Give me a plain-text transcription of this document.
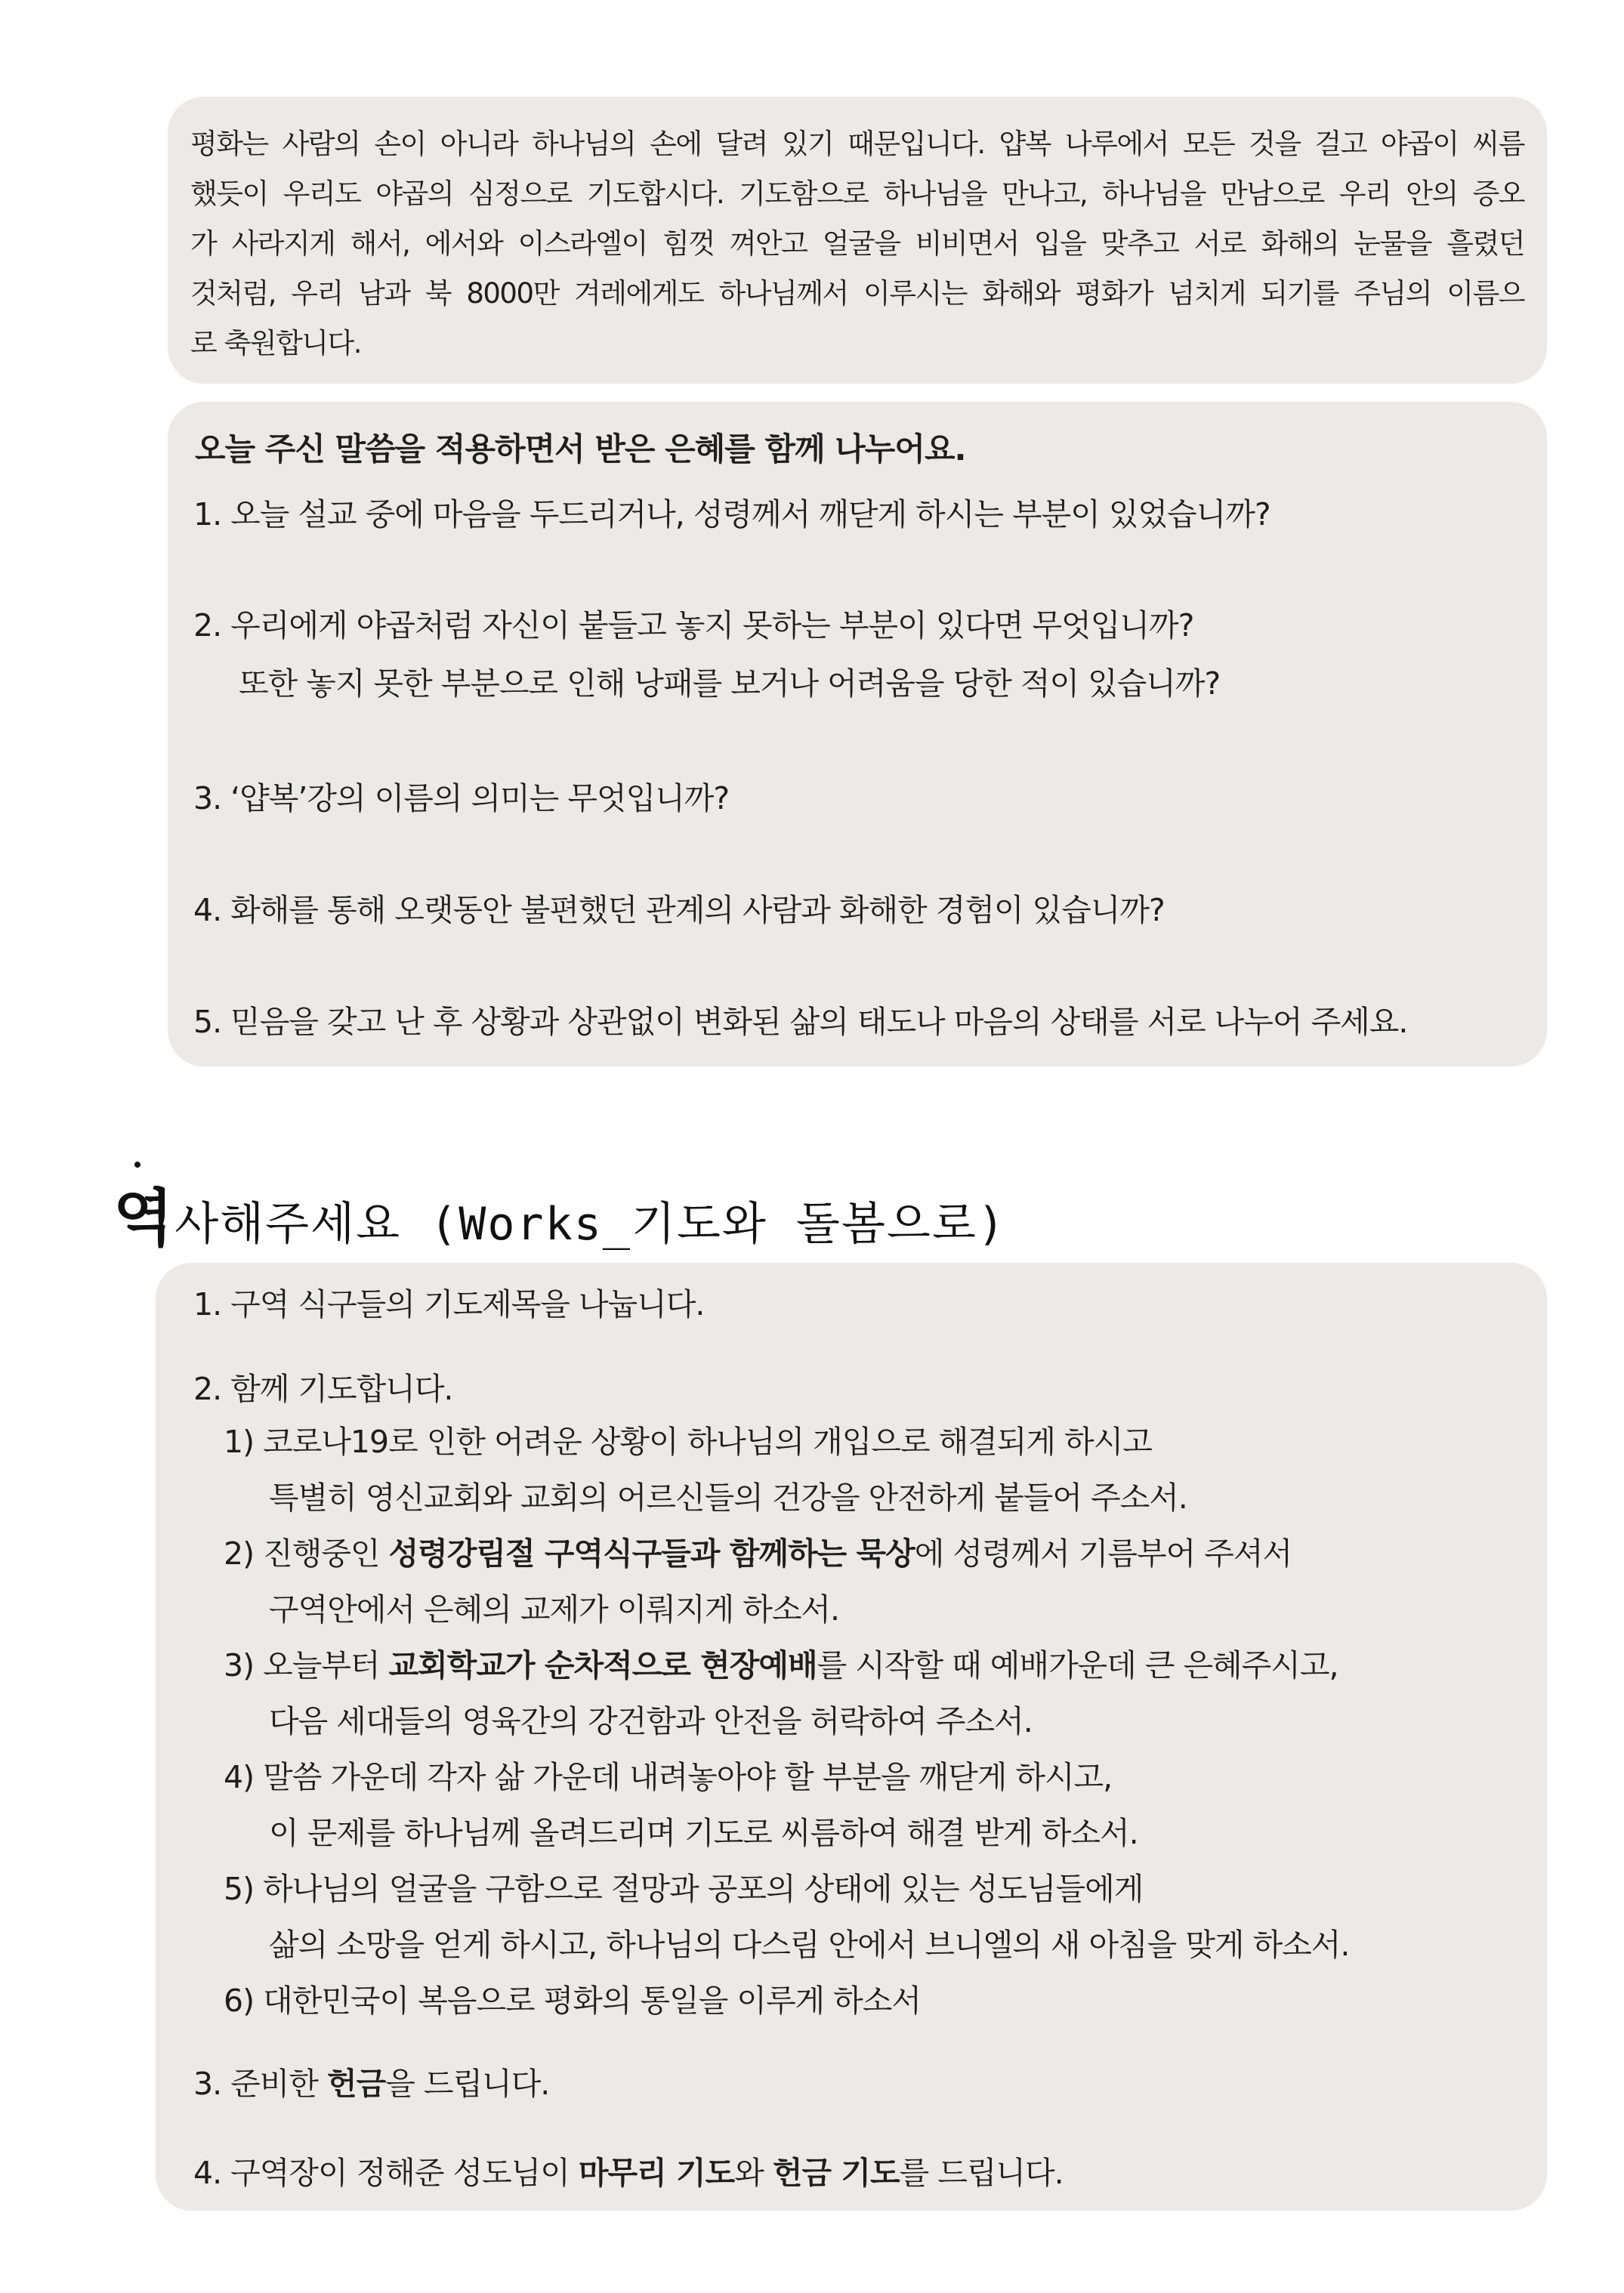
평화는 사람의 손이 아니라 하나님의 손에 달려 있기 때문입니다. 얍복 나루에서 모든 것을 걸고 야곱이 씨름
했듯이 우리도 야곱의 심정으로 기도합시다. 기도함으로 하나님을 만나고, 하나님을 만남으로 우리 안의 증오
가 사라지게 해서, 에서와 이스라엘이 힘껏 껴안고 얼굴을 비비면서 입을 맞추고 서로 화해의 눈물을 흘렸던
것처럼, 우리 남과 북 8000만 겨레에게도 하나님께서 이루시는 화해와 평화가 넘치게 되기를 주님의 이름으
로 축원합니다.
오늘 주신 말씀을 적용하면서 받은 은혜를 함께 나누어요.
1. 오늘 설교 중에 마음을 두드리거나, 성령께서 깨닫게 하시는 부분이 있었습니까?
2. 우리에게 야곱처럼 자신이 붙들고 놓지 못하는 부분이 있다면 무엇입니까?
또한 놓지 못한 부분으로 인해 낭패를 보거나 어려움을 당한 적이 있습니까?
3. ‘얍복’강의 이름의 의미는 무엇입니까?
4. 화해를 통해 오랫동안 불편했던 관계의 사람과 화해한 경험이 있습니까?
5. 믿음을 갖고 난 후 상황과 상관없이 변화된 삶의 태도나 마음의 상태를 서로 나누어 주세요.
역사해주세요 (Works_기도와 돌봄으로)
1. 구역 식구들의 기도제목을 나눕니다.
2. 함께 기도합니다.
1) 코로나19로 인한 어려운 상황이 하나님의 개입으로 해결되게 하시고
특별히 영신교회와 교회의 어르신들의 건강을 안전하게 붙들어 주소서.
2) 진행중인 성령강림절 구역식구들과 함께하는 묵상에 성령께서 기름부어 주셔서
구역안에서 은혜의 교제가 이뤄지게 하소서.
3) 오늘부터 교회학교가 순차적으로 현장예배를 시작할 때 예배가운데 큰 은혜주시고,
다음 세대들의 영육간의 강건함과 안전을 허락하여 주소서.
4) 말씀 가운데 각자 삶 가운데 내려놓아야 할 부분을 깨닫게 하시고,
이 문제를 하나님께 올려드리며 기도로 씨름하여 해결 받게 하소서.
5) 하나님의 얼굴을 구함으로 절망과 공포의 상태에 있는 성도님들에게
삶의 소망을 얻게 하시고, 하나님의 다스림 안에서 브니엘의 새 아침을 맞게 하소서.
6) 대한민국이 복음으로 평화의 통일을 이루게 하소서
3. 준비한 헌금을 드립니다.
4. 구역장이 정해준 성도님이 마무리 기도와 헌금 기도를 드립니다.
